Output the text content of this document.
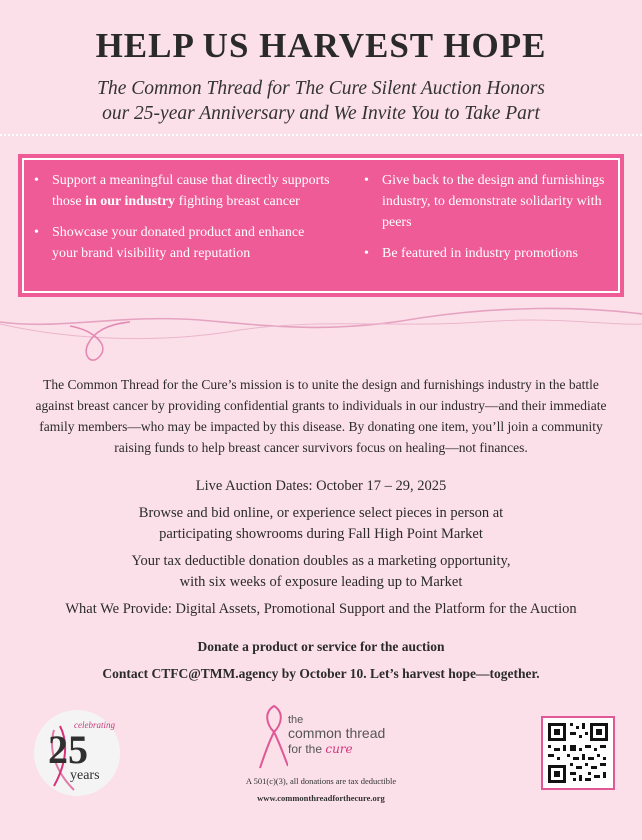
HELP US HARVEST HOPE
The Common Thread for The Cure Silent Auction Honors
our 25-year Anniversary and We Invite You to Take Part
• Support a meaningful cause that directly supports those in our industry fighting breast cancer
• Showcase your donated product and enhance your brand visibility and reputation
• Give back to the design and furnishings industry, to demonstrate solidarity with peers
• Be featured in industry promotions
The Common Thread for the Cure’s mission is to unite the design and furnishings industry in the battle against breast cancer by providing confidential grants to individuals in our industry—and their immediate family members—who may be impacted by this disease. By donating one item, you’ll join a community raising funds to help breast cancer survivors focus on healing—not finances.

Live Auction Dates: October 17 – 29, 2025

Browse and bid online, or experience select pieces in person at
participating showrooms during Fall High Point Market

Your tax deductible donation doubles as a marketing opportunity,
with six weeks of exposure leading up to Market

What We Provide: Digital Assets, Promotional Support and the Platform for the Auction

Donate a product or service for the auction

Contact CTFC@TMM.agency by October 10. Let’s harvest hope—together.

celebrating
25
years
the
common thread
for the cure
A 501(c)(3), all donations are tax deductible
www.commonthreadforthecure.org
